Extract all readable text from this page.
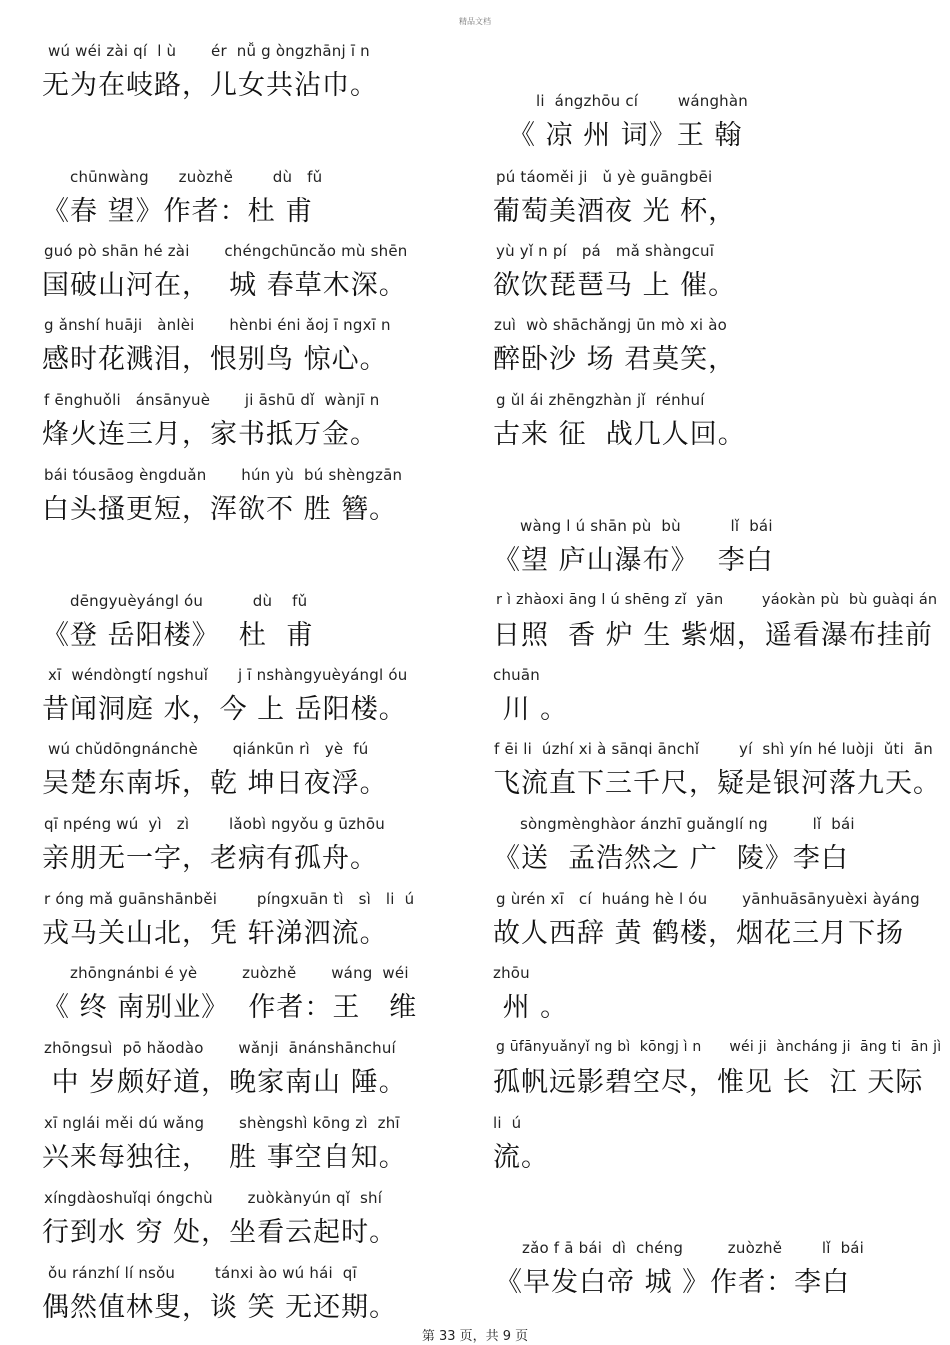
精品文档
wú wéi zài qí  l ù       ér  nǚ g òngzhānj ī n
无为在岐路，儿女共沾巾。
chūnwàng      zuòzhě        dù   fǔ
《春 望》作者：杜 甫
guó pò shān hé zài       chéngchūncǎo mù shēn
国破山河在，  城 春草木深。
g ǎnshí huāji   ànlèi       hènbi éni ǎoj ī ngxī n
感时花溅泪，恨别鸟 惊心。
f ēnghuǒli   ánsānyuè       ji āshū dǐ  wànjī n
烽火连三月，家书抵万金。
bái tóusāog èngduǎn       hún yù  bú shèngzān
白头搔更短，浑欲不 胜 簪。
dēngyuèyángl óu          dù    fǔ
《登 岳阳楼》  杜  甫
xī  wéndòngtí ngshuǐ      j ī nshàngyuèyángl óu
昔闻洞庭 水，今 上 岳阳楼。
wú chǔdōngnánchè       qiánkūn rì   yè  fú
吴楚东南坼，乾 坤日夜浮。
qī npéng wú  yì   zì        lǎobì ngyǒu g ūzhōu
亲朋无一字，老病有孤舟。
r óng mǎ guānshānběi        píngxuān tì   sì   li  ú
戎马关山北，凭 轩涕泗流。
zhōngnánbi é yè         zuòzhě       wáng  wéi
《 终 南别业》  作者：王   维
zhōngsuì  pō hǎodào       wǎnji  ānánshānchuí
中 岁颇好道，晚家南山 陲。
xī nglái měi dú wǎng       shèngshì kōng zì  zhī
兴来每独往，  胜 事空自知。
xíngdàoshuǐqi óngchù       zuòkànyún qǐ  shí
行到水 穷 处，坐看云起时。
ǒu ránzhí lí nsǒu        tánxi ào wú hái  qī
偶然值林叟，谈 笑 无还期。
li  ángzhōu cí        wánghàn
《 凉 州 词》王 翰
pú táoměi ji   ǔ yè guāngbēi
葡萄美酒夜 光 杯，
yù yǐ n pí   pá   mǎ shàngcuī
欲饮琵琶马 上 催。
zuì  wò shāchǎngj ūn mò xi ào
醉卧沙 场 君莫笑，
g ǔl ái zhēngzhàn jǐ  rénhuí
古来 征  战几人回。
wàng l ú shān pù  bù          lǐ  bái
《望 庐山瀑布》  李白
r ì zhàoxi āng l ú shēng zǐ  yān        yáokàn pù  bù guàqi án
日照  香 炉 生 紫烟，遥看瀑布挂前
chuān
川 。
f ēi li  úzhí xi à sānqi ānchǐ        yí  shì yín hé luòji  ǔti  ān
飞流直下三千尺，疑是银河落九天。
sòngmènghàor ánzhī guǎnglí ng         lǐ  bái
《送  孟浩然之 广  陵》李白
g ùrén xī   cí  huáng hè l óu       yānhuāsānyuèxi àyáng
故人西辞 黄 鹤楼，烟花三月下扬
zhōu
州 。
g ūfānyuǎnyǐ ng bì  kōngj ì n      wéi ji  àncháng ji  āng ti  ān jì
孤帆远影碧空尽，惟见 长  江 天际
li  ú
流。
zǎo f ā bái  dì  chéng         zuòzhě        lǐ  bái
《早发白帝 城 》作者：李白
第 33 页，共 9 页
